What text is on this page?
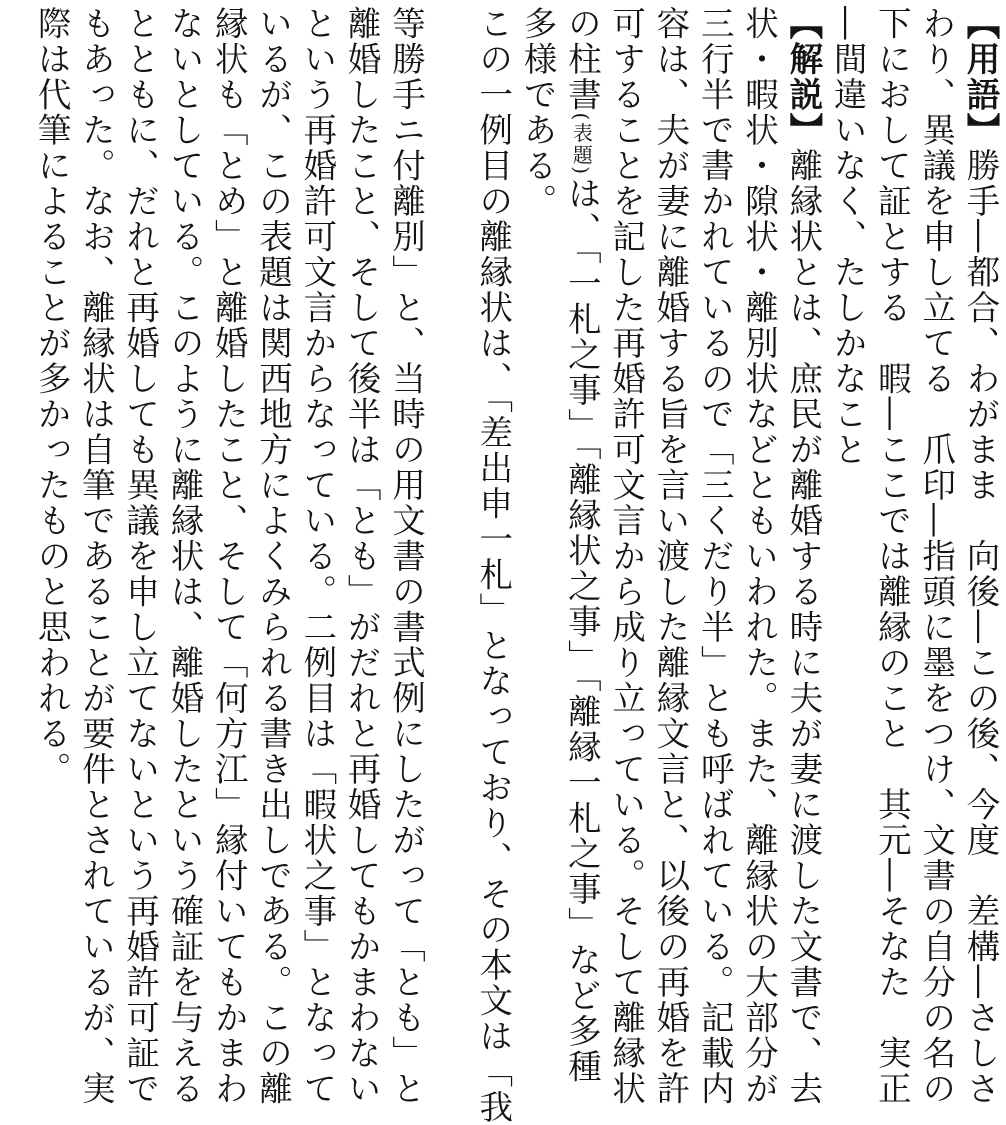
【用語】勝手―都合、わがまま　向後―この後、今度　差構―さしさ
わり、異議を申し立てる　爪印―指頭に墨をつけ、文書の自分の名の
下におして証とする　暇―ここでは離縁のこと　其元―そなた　実正
―間違いなく、たしかなこと
【解説】離縁状とは、庶民が離婚する時に夫が妻に渡した文書で、去
状・暇状・隙状・離別状などともいわれた。また、離縁状の大部分が
三行半で書かれているので「三くだり半」とも呼ばれている。記載内
容は、夫が妻に離婚する旨を言い渡した離縁文言と、以後の再婚を許
可することを記した再婚許可文言から成り立っている。そして離縁状
の柱書(表題)は、「一札之事」「離縁状之事」「離縁一札之事」など多種
多様である。
この一例目の離縁状は、「差出申一札」となっており、その本文は「我
等勝手ニ付離別」と、当時の用文書の書式例にしたがって「とも」と
離婚したこと、そして後半は「とも」がだれと再婚してもかまわない
という再婚許可文言からなっている。二例目は「暇状之事」となって
いるが、この表題は関西地方によくみられる書き出しである。この離
縁状も「とめ」と離婚したこと、そして「何方江」縁付いてもかまわ
ないとしている。このように離縁状は、離婚したという確証を与える
とともに、だれと再婚しても異議を申し立てないという再婚許可証で
もあった。なお、離縁状は自筆であることが要件とされているが、実
際は代筆によることが多かったものと思われる。
